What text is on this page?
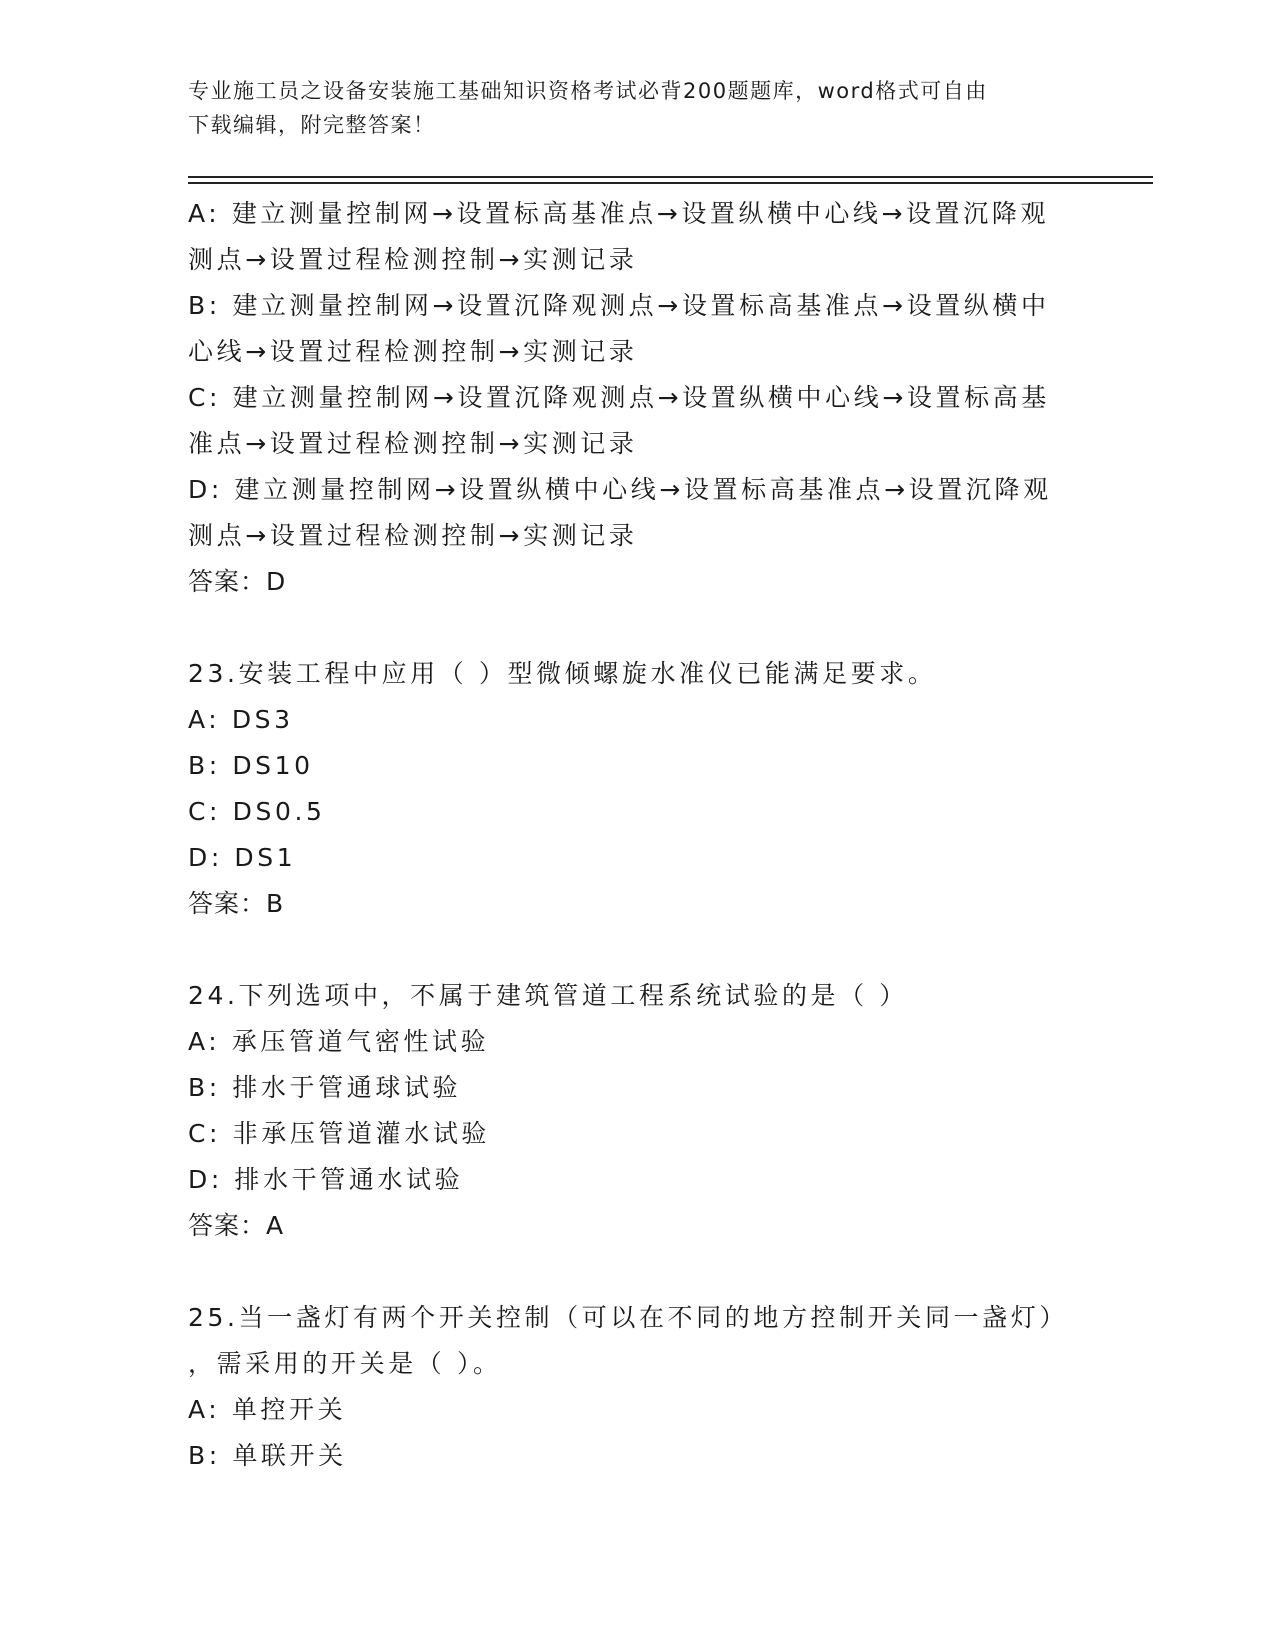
专业施工员之设备安装施工基础知识资格考试必背200题题库，word格式可自由
下载编辑，附完整答案！
A: 建立测量控制网→设置标高基准点→设置纵横中心线→设置沉降观
测点→设置过程检测控制→实测记录
B: 建立测量控制网→设置沉降观测点→设置标高基准点→设置纵横中
心线→设置过程检测控制→实测记录
C: 建立测量控制网→设置沉降观测点→设置纵横中心线→设置标高基
准点→设置过程检测控制→实测记录
D: 建立测量控制网→设置纵横中心线→设置标高基准点→设置沉降观
测点→设置过程检测控制→实测记录
答案：D
23.安装工程中应用（ ）型微倾螺旋水准仪已能满足要求。
A: DS3
B: DS10
C: DS0.5
D: DS1
答案：B
24.下列选项中，不属于建筑管道工程系统试验的是（ ）
A: 承压管道气密性试验
B: 排水于管通球试验
C: 非承压管道灌水试验
D: 排水干管通水试验
答案：A
25.当一盏灯有两个开关控制（可以在不同的地方控制开关同一盏灯）
，需采用的开关是（ ）。
A: 单控开关
B: 单联开关
